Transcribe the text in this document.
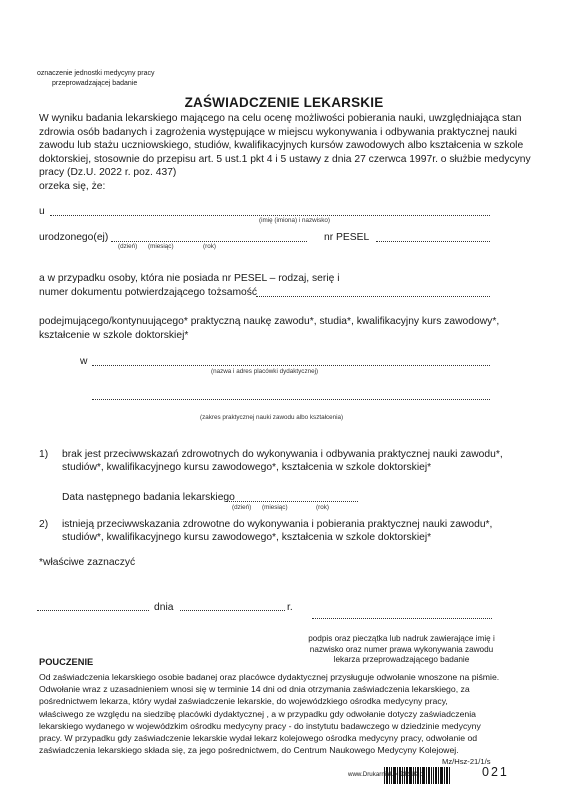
oznaczenie jednostki medycyny pracy
przeprowadzającej badanie
ZAŚWIADCZENIE LEKARSKIE
W wyniku badania lekarskiego mającego na celu ocenę możliwości pobierania nauki, uwzględniająca stan
zdrowia osób badanych i zagrożenia występujące w miejscu wykonywania i odbywania praktycznej nauki
zawodu lub stażu uczniowskiego, studiów, kwalifikacyjnych kursów zawodowych albo kształcenia w szkole
doktorskiej, stosownie do przepisu art. 5 ust.1 pkt 4 i 5 ustawy z dnia 27 czerwca 1997r. o służbie medycyny
pracy (Dz.U. 2022 r. poz. 437)
orzeka się, że:
u
(imię (imiona) i nazwisko)
urodzonego(ej)
(dzień) (miesiąc)	(rok)
nr PESEL
a w przypadku osoby, która nie posiada nr PESEL – rodzaj, serię i
numer dokumentu potwierdzającego tożsamość
podejmującego/kontynuującego* praktyczną naukę zawodu*, studia*, kwalifikacyjny kurs zawodowy*,
kształcenie w szkole doktorskiej*
w
(nazwa i adres placówki dydaktycznej)
(zakres praktycznej nauki zawodu albo kształcenia)
1) brak jest przeciwwskazań zdrowotnych do wykonywania i odbywania praktycznej nauki zawodu*,
studiów*, kwalifikacyjnego kursu zawodowego*, kształcenia w szkole doktorskiej*
Data następnego badania lekarskiego
(dzień) (miesiąc)	(rok)
2) istnieją przeciwwskazania zdrowotne do wykonywania i pobierania praktycznej nauki zawodu*,
studiów*, kwalifikacyjnego kursu zawodowego*, kształcenia w szkole doktorskiej*
*właściwe zaznaczyć
dnia	r.
podpis oraz pieczątka lub nadruk zawierające imię i
nazwisko oraz numer prawa wykonywania zawodu
lekarza przeprowadzającego badanie
POUCZENIE
Od zaświadczenia lekarskiego osobie badanej oraz placówce dydaktycznej przysługuje odwołanie wnoszone na piśmie.
Odwołanie wraz z uzasadnieniem wnosi się w terminie 14 dni od dnia otrzymania zaświadczenia lekarskiego, za
pośrednictwem lekarza, który wydał zaświadczenie lekarskie, do wojewódzkiego ośrodka medycyny pracy,
właściwego ze względu na siedzibę placówki dydaktycznej , a w przypadku gdy odwołanie dotyczy zaświadczenia
lekarskiego wydanego w wojewódzkim ośrodku medycyny pracy - do instytutu badawczego w dziedzinie medycyny
pracy. W przypadku gdy zaświadczenie lekarskie wydał lekarz kolejowego ośrodka medycyny pracy, odwołanie od
zaświadczenia lekarskiego składa się, za jego pośrednictwem, do Centrum Naukowego Medycyny Kolejowej.
Mz/Hsz-21/1/s
021
www.DrukarniaUNIDRUK.pl
